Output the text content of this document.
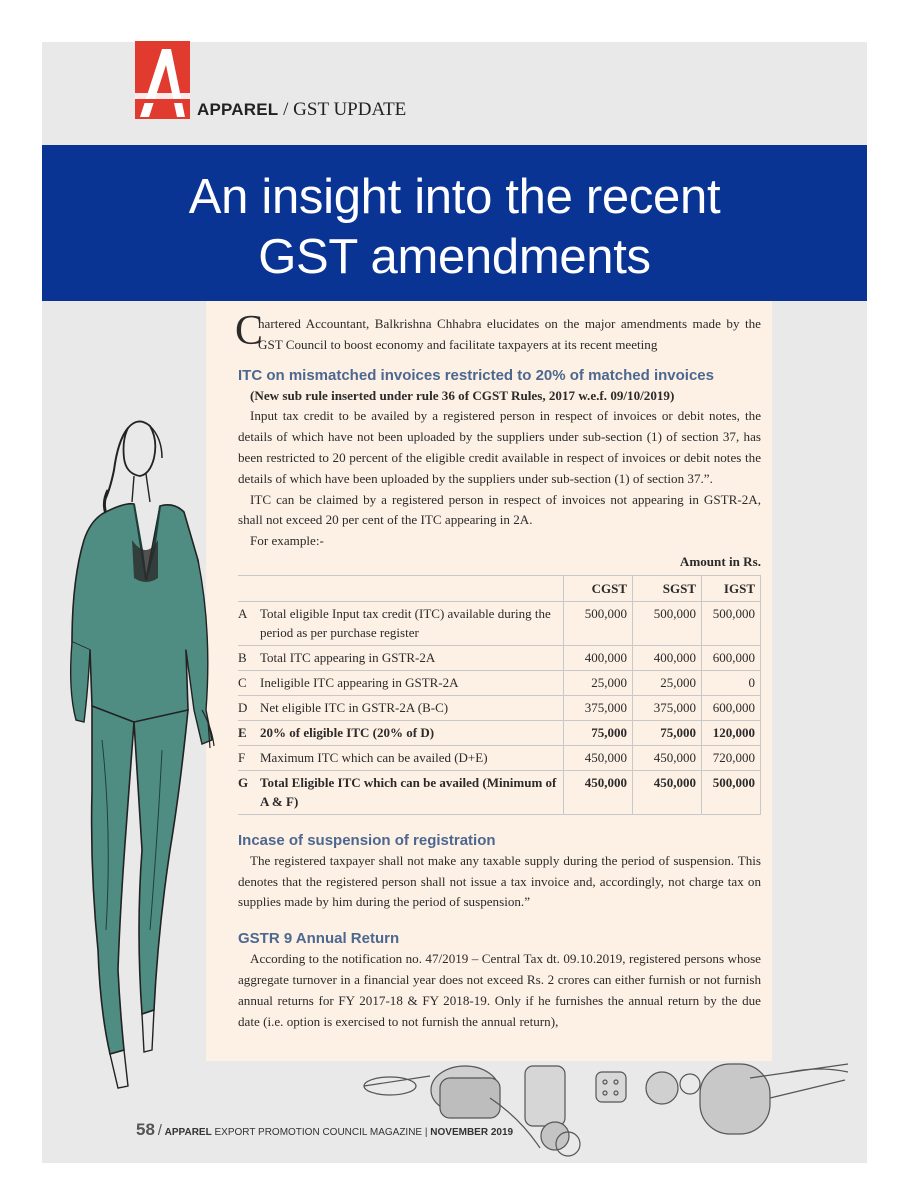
APPAREL / GST UPDATE
An insight into the recent
GST amendments
C

hartered Accountant, Balkrishna Chhabra elucidates on the major amendments made by the GST Council to boost economy and facilitate taxpayers at its recent meeting

ITC on mismatched invoices restricted to 20% of matched invoices

(New sub rule inserted under rule 36 of CGST Rules, 2017 w.e.f. 09/10/2019)

Input tax credit to be availed by a registered person in respect of invoices or debit notes, the details of which have not been uploaded by the suppliers under sub-section (1) of section 37, has been restricted to 20 percent of the eligible credit available in respect of invoices or debit notes the details of which have been uploaded by the suppliers under sub-section (1) of section 37.”.

ITC can be claimed by a registered person in respect of invoices not appearing in GSTR-2A, shall not exceed 20 per cent of the ITC appearing in 2A.

For example:-

Amount in Rs.

		CGST	SGST	IGST
A	Total eligible Input tax credit (ITC) available during the period as per purchase register	500,000	500,000	500,000
B	Total ITC appearing in GSTR-2A	400,000	400,000	600,000
C	Ineligible ITC appearing in GSTR-2A	25,000	25,000	0
D	Net eligible ITC in GSTR-2A (B-C)	375,000	375,000	600,000
E	20% of eligible ITC (20% of D)	75,000	75,000	120,000
F	Maximum ITC which can be availed (D+E)	450,000	450,000	720,000
G	Total Eligible ITC which can be availed (Minimum of A & F)	450,000	450,000	500,000
Incase of suspension of registration

The registered taxpayer shall not make any taxable supply during the period of suspension. This denotes that the registered person shall not issue a tax invoice and, accordingly, not charge tax on supplies made by him during the period of suspension.”

GSTR 9 Annual Return

According to the notification no. 47/2019 – Central Tax dt. 09.10.2019, registered persons whose aggregate turnover in a financial year does not exceed Rs. 2 crores can either furnish or not furnish annual returns for FY 2017-18 & FY 2018-19. Only if he furnishes the annual return by the due date (i.e. option is exercised to not furnish the annual return),

58 / APPAREL EXPORT PROMOTION COUNCIL MAGAZINE | NOVEMBER 2019
